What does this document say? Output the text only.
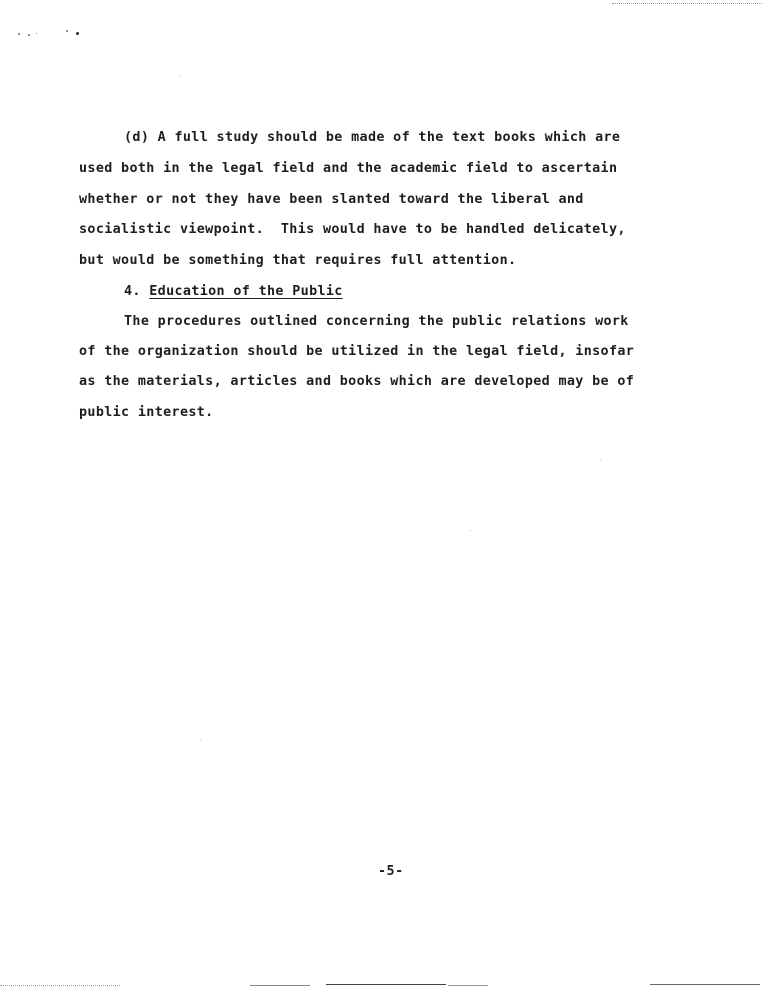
(d) A full study should be made of the text books which are

used both in the legal field and the academic field to ascertain

whether or not they have been slanted toward the liberal and

socialistic viewpoint.  This would have to be handled delicately,

but would be something that requires full attention.

4. Education of the Public

The procedures outlined concerning the public relations work

of the organization should be utilized in the legal field, insofar

as the materials, articles and books which are developed may be of

public interest.

-5-
